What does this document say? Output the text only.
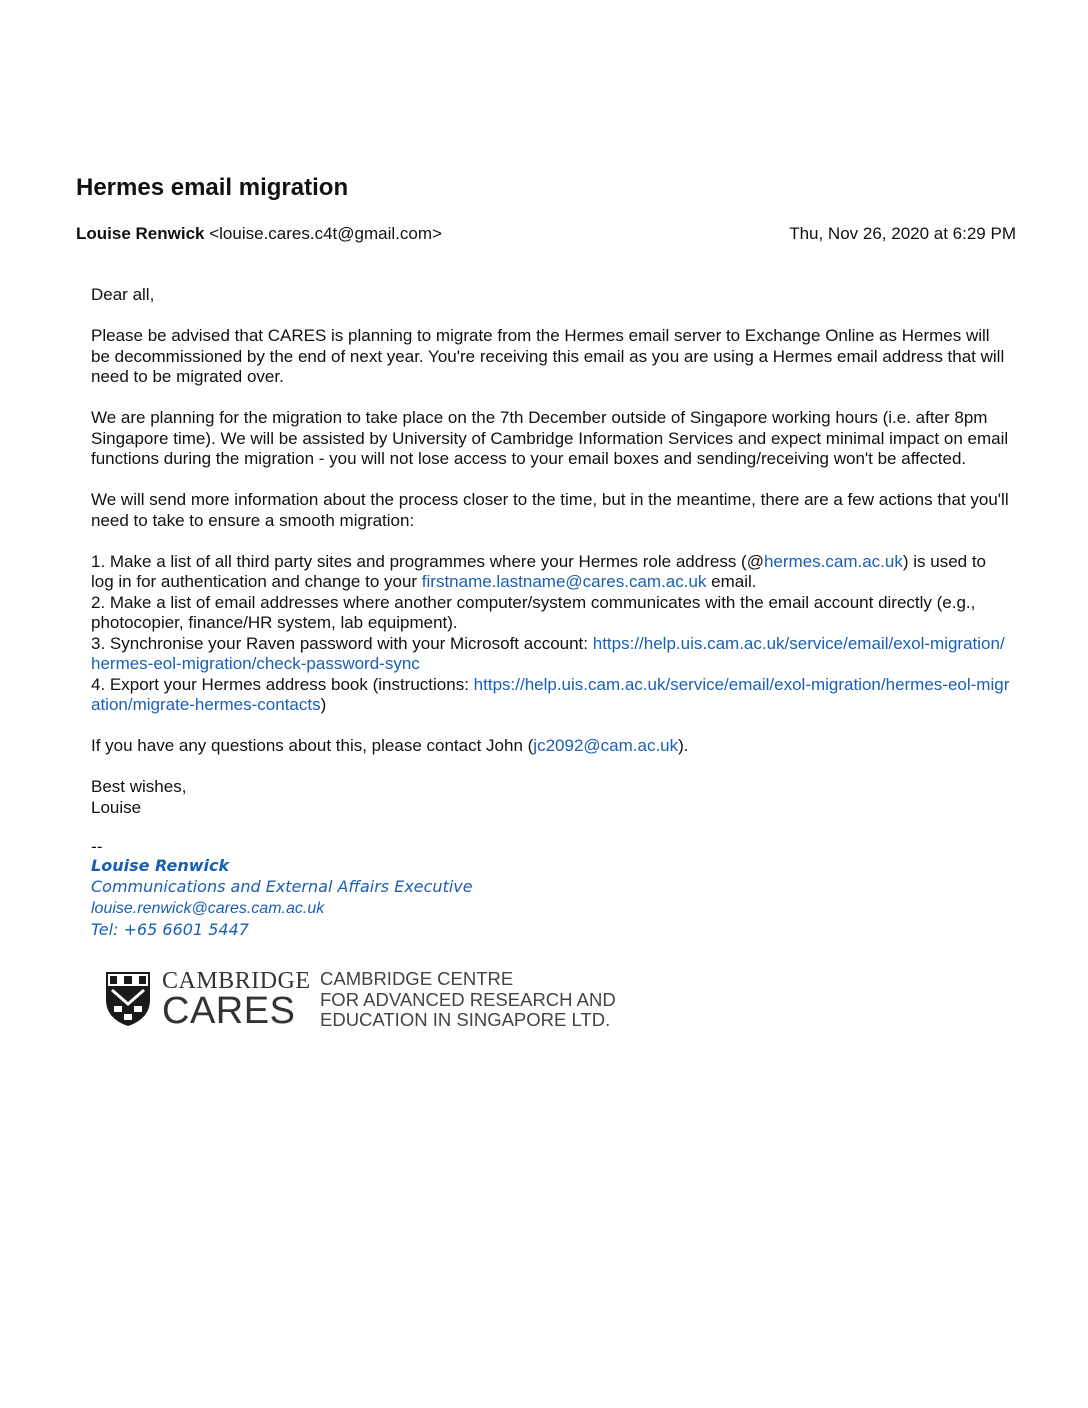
Hermes email migration
Louise Renwick <louise.cares.c4t@gmail.com>	Thu, Nov 26, 2020 at 6:29 PM

Dear all,

Please be advised that CARES is planning to migrate from the Hermes email server to Exchange Online as Hermes will be decommissioned by the end of next year. You're receiving this email as you are using a Hermes email address that will need to be migrated over.

We are planning for the migration to take place on the 7th December outside of Singapore working hours (i.e. after 8pm Singapore time). We will be assisted by University of Cambridge Information Services and expect minimal impact on email functions during the migration - you will not lose access to your email boxes and sending/receiving won't be affected.

We will send more information about the process closer to the time, but in the meantime, there are a few actions that you'll need to take to ensure a smooth migration:

1. Make a list of all third party sites and programmes where your Hermes role address (@hermes.cam.ac.uk) is used to log in for authentication and change to your firstname.lastname@cares.cam.ac.uk email.
2. Make a list of email addresses where another computer/system communicates with the email account directly (e.g., photocopier, finance/HR system, lab equipment).
3. Synchronise your Raven password with your Microsoft account: https://help.uis.cam.ac.uk/service/email/exol-migration/hermes-eol-migration/check-password-sync
4. Export your Hermes address book (instructions: https://help.uis.cam.ac.uk/service/email/exol-migration/hermes-eol-migration/migrate-hermes-contacts)

If you have any questions about this, please contact John (jc2092@cam.ac.uk).

Best wishes,
Louise

--
Louise Renwick
Communications and External Affairs Executive
louise.renwick@cares.cam.ac.uk
Tel: +65 6601 5447
CAMBRIDGE
CARES
CAMBRIDGE CENTRE
FOR ADVANCED RESEARCH AND
EDUCATION IN SINGAPORE LTD.
